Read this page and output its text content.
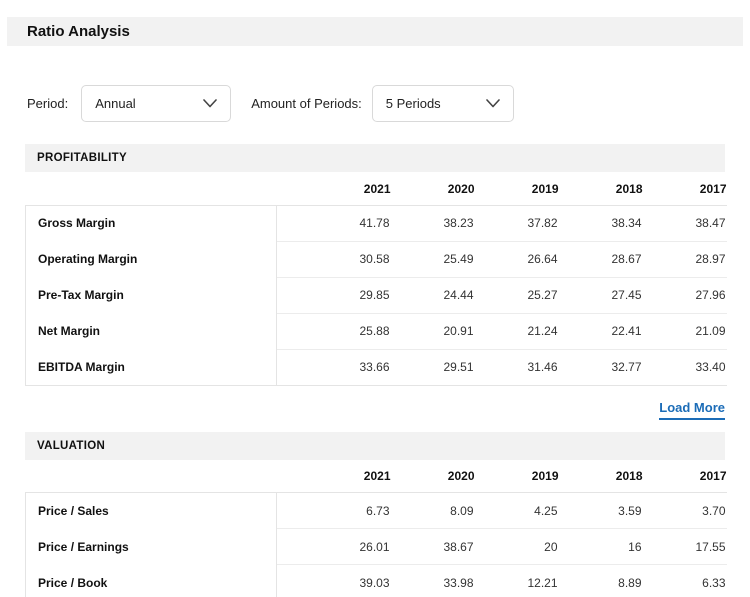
Ratio Analysis
Period: Annual	Amount of Periods: 5 Periods
PROFITABILITY
		2021	2020	2019	2018	2017
Gross Margin		41.78	38.23	37.82	38.34	38.47
Operating Margin		30.58	25.49	26.64	28.67	28.97
Pre-Tax Margin		29.85	24.44	25.27	27.45	27.96
Net Margin		25.88	20.91	21.24	22.41	21.09
EBITDA Margin		33.66	29.51	31.46	32.77	33.40
Load More
VALUATION
		2021	2020	2019	2018	2017
Price / Sales		6.73	8.09	4.25	3.59	3.70
Price / Earnings		26.01	38.67	20	16	17.55
Price / Book		39.03	33.98	12.21	8.89	6.33
